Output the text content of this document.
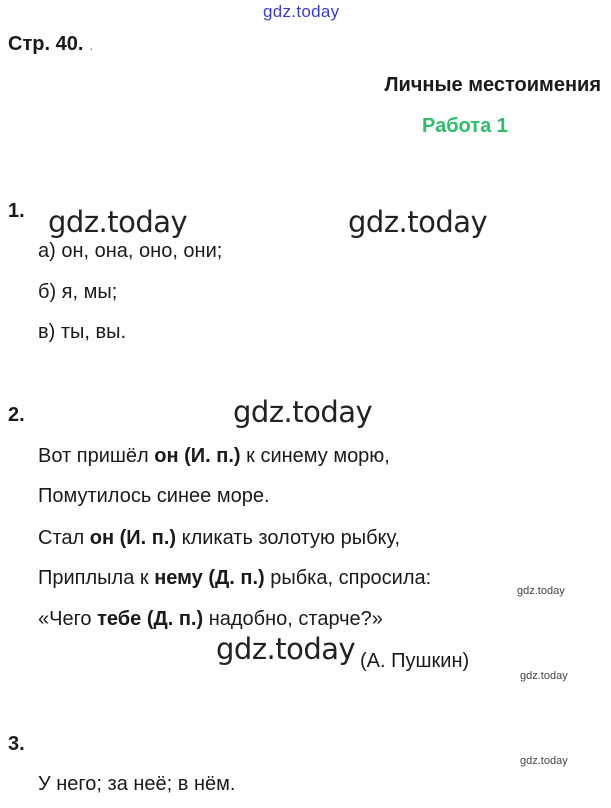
gdz.today
gdz.today	gdz.today
gdz.today
gdz.today
gdz.today
gdz.today
gdz.today
Стр. 40. .
Личные местоимения
Работа 1
1.
а) он, она, оно, они;
б) я, мы;
в) ты, вы.
2.
Вот пришёл он (И. п.) к синему морю,
Помутилось синее море.
Стал он (И. п.) кликать золотую рыбку,
Приплыла к нему (Д. п.) рыбка, спросила:
«Чего тебе (Д. п.) надобно, старче?»
(А. Пушкин)
3.
У него; за неё; в нём.
